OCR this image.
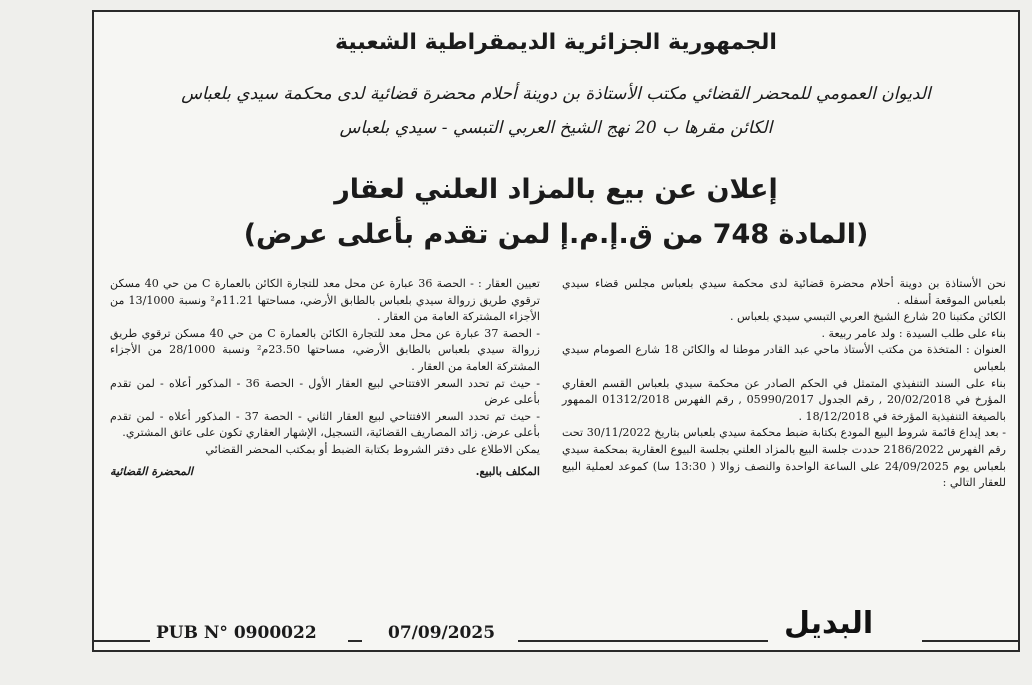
الجمهورية الجزائرية الديمقراطية الشعبية
الديوان العمومي للمحضر القضائي مكتب الأستاذة بن دوينة أحلام محضرة قضائية لدى محكمة سيدي بلعباس
الكائن مقرها ب 20 نهج الشيخ العربي التبسي - سيدي بلعباس
إعلان عن بيع بالمزاد العلني لعقار
(المادة 748 من ق.إ.م.إ لمن تقدم بأعلى عرض)

نحن الأستاذة بن دوينة أحلام محضرة قضائية لدى محكمة سيدي بلعباس مجلس قضاء سيدي بلعباس الموقعة أسفله .

الكائن مكتبنا 20 شارع الشيخ العربي التبسي سيدي بلعباس .

بناء على طلب السيدة : ولد عامر ربيعة .

العنوان : المتخذة من مكتب الأستاذ ماحي عبد القادر موطنا له والكائن 18 شارع الصومام سيدي بلعباس

بناء على السند التنفيذي المتمثل في الحكم الصادر عن محكمة سيدي بلعباس القسم العقاري المؤرخ في 20/02/2018 , رقم الجدول 05990/2017 , رقم الفهرس 01312/2018 الممهور بالصيغة التنفيذية المؤرخة في 18/12/2018 .

- بعد إيداع قائمة شروط البيع المودع بكتابة ضبط محكمة سيدي بلعباس بتاريخ 30/11/2022 تحت رقم الفهرس 2186/2022 حددت جلسة البيع بالمزاد العلني بجلسة البيوع العقارية بمحكمة سيدي بلعباس يوم 24/09/2025 على الساعة الواحدة والنصف زوالا ( 13:30 سا) كموعد لعملية البيع للعقار التالي :

تعيين العقار : - الحصة 36 عبارة عن محل معد للتجارة الكائن بالعمارة C من حي 40 مسكن ترقوي طريق زروالة سيدي بلعباس بالطابق الأرضي، مساحتها 11.21م² ونسبة 13/1000 من الأجزاء المشتركة العامة من العقار .

- الحصة 37 عبارة عن محل معد للتجارة الكائن بالعمارة C من حي 40 مسكن ترقوي طريق زروالة سيدي بلعباس بالطابق الأرضي، مساحتها 23.50م² ونسبة 28/1000 من الأجزاء المشتركة العامة من العقار .

- حيث تم تحدد السعر الافتتاحي لبيع العقار الأول - الحصة 36 - المذكور أعلاه - لمن تقدم بأعلى عرض

- حيث تم تحدد السعر الافتتاحي لبيع العقار الثاني - الحصة 37 - المذكور أعلاه - لمن تقدم بأعلى عرض. زائد المصاريف القضائية، التسجيل، الإشهار العقاري تكون على عاتق المشتري.

يمكن الاطلاع على دفتر الشروط بكتابة الضبط أو بمكتب المحضر القضائي

المكلف بالبيع.
المحضرة القضائية
PUB N° 0900022	07/09/2025	البديل
